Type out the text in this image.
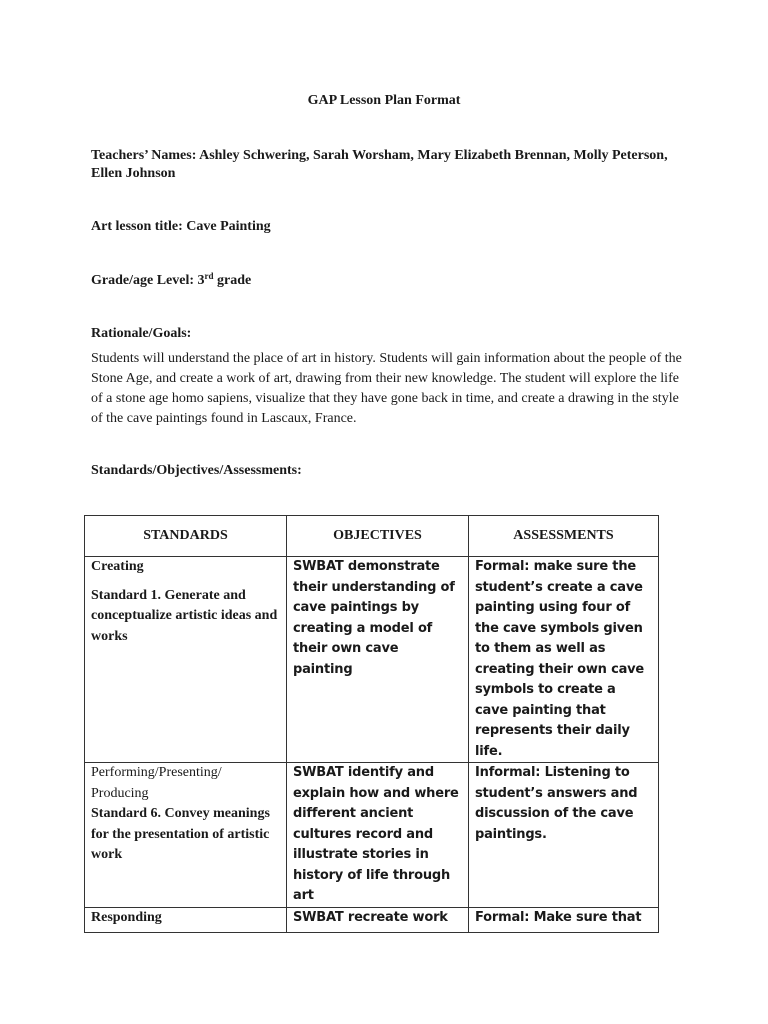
GAP Lesson Plan Format
Teachers’ Names: Ashley Schwering, Sarah Worsham, Mary Elizabeth Brennan, Molly Peterson,
Ellen Johnson
Art lesson title: Cave Painting
Grade/age Level: 3rd grade
Rationale/Goals:
Students will understand the place of art in history. Students will gain information about the people of the Stone Age, and create a work of art, drawing from their new knowledge. The student will explore the life of a stone age homo sapiens, visualize that they have gone back in time, and create a drawing in the style of the cave paintings found in Lascaux, France.
Standards/Objectives/Assessments:
STANDARDS	OBJECTIVES	ASSESSMENTS

Creating
Standard 1. Generate and conceptualize artistic ideas and works	SWBAT demonstrate their understanding of cave paintings by creating a model of their own cave painting	Formal: make sure the student’s create a cave painting using four of the cave symbols given to them as well as creating their own cave symbols to create a cave painting that represents their daily life.

Performing/Presenting/ Producing
Standard 6. Convey meanings for the presentation of artistic work	SWBAT identify and explain how and where different ancient cultures record and illustrate stories in history of life through art	Informal: Listening to student’s answers and discussion of the cave paintings.

Responding	SWBAT recreate work	Formal: Make sure that
